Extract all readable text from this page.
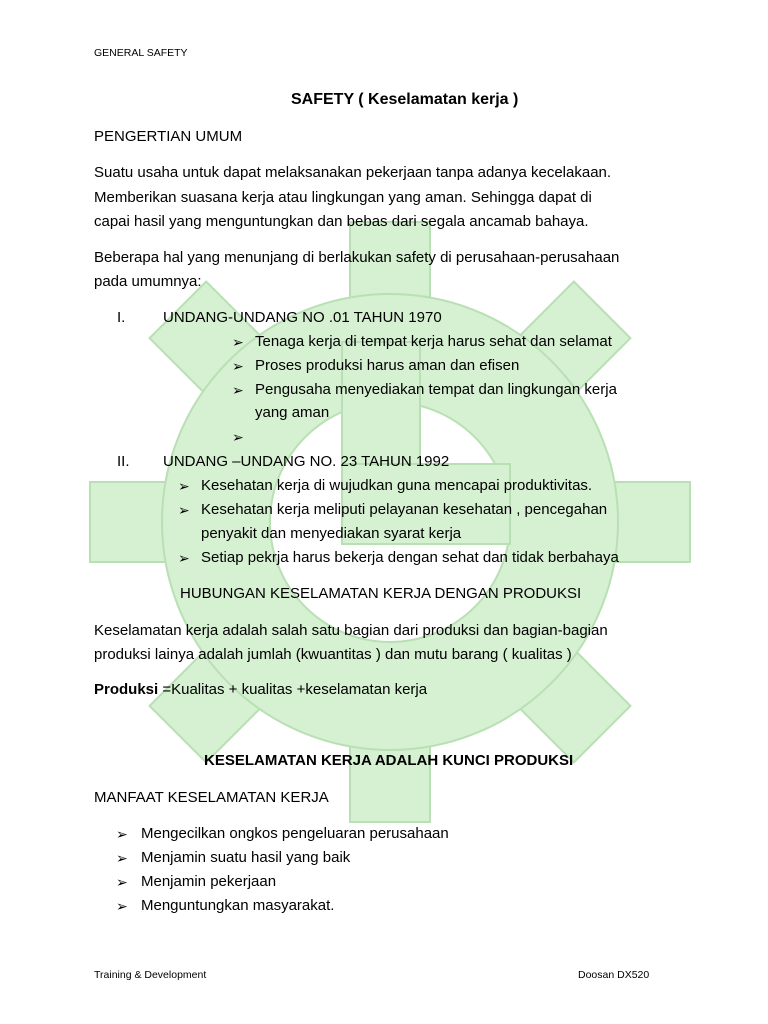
GENERAL SAFETY
SAFETY ( Keselamatan kerja )
PENGERTIAN UMUM
Suatu usaha untuk dapat melaksanakan pekerjaan tanpa adanya kecelakaan.
Memberikan suasana kerja atau lingkungan yang aman. Sehingga dapat di
capai hasil yang menguntungkan dan bebas dari segala ancamab bahaya.
Beberapa hal yang menunjang di berlakukan safety di perusahaan-perusahaan
pada umumnya:
I.	UNDANG-UNDANG NO .01 TAHUN 1970
➢ Tenaga kerja di tempat kerja harus sehat dan selamat
➢ Proses produksi harus aman dan efisen
➢ Pengusaha menyediakan tempat dan lingkungan kerja
yang aman
➢
II. UNDANG –UNDANG NO. 23 TAHUN 1992
➢ Kesehatan kerja di wujudkan guna mencapai produktivitas.
➢ Kesehatan kerja meliputi pelayanan kesehatan , pencegahan
penyakit dan menyediakan syarat kerja
➢ Setiap pekrja harus bekerja dengan sehat dan tidak berbahaya
HUBUNGAN KESELAMATAN KERJA DENGAN PRODUKSI
Keselamatan kerja adalah salah satu bagian dari produksi dan bagian-bagian
produksi lainya adalah jumlah (kwuantitas ) dan mutu barang ( kualitas )
Produksi =Kualitas + kualitas +keselamatan kerja
KESELAMATAN KERJA ADALAH KUNCI PRODUKSI
MANFAAT KESELAMATAN KERJA
➢ Mengecilkan ongkos pengeluaran perusahaan
➢ Menjamin suatu hasil yang baik
➢ Menjamin pekerjaan
➢ Menguntungkan masyarakat.
Training & Development	Doosan DX520
